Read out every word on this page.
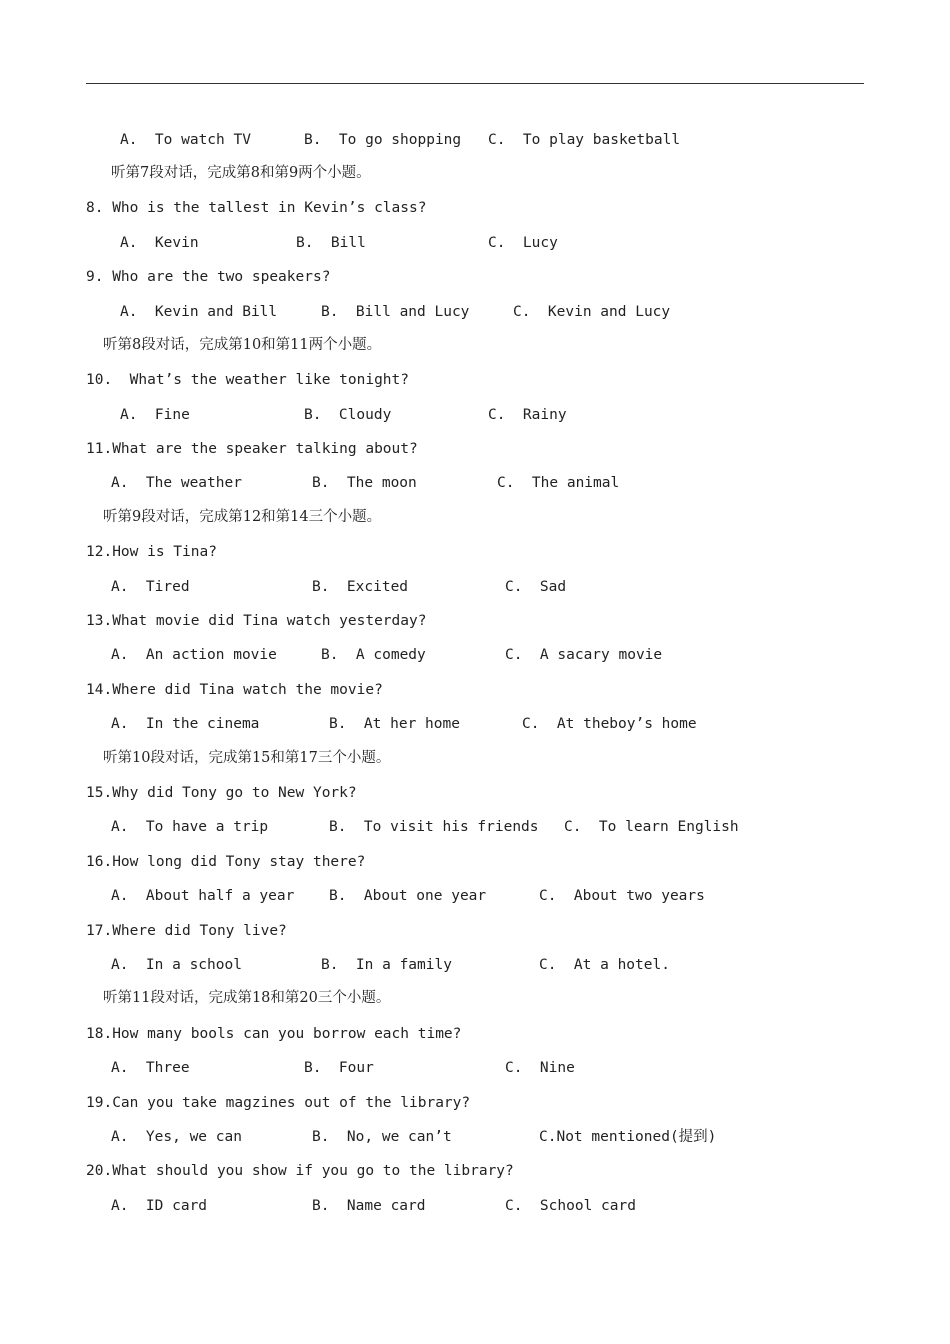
A.  To watch TV	B.  To go shopping C.  To play basketball
听第7段对话，完成第8和第9两个小题。
8. Who is the tallest in Kevin’s class?
A.  Kevin	B.  Bill	C.  Lucy
9. Who are the two speakers?
A.  Kevin and Bill	B.  Bill and Lucy	C.  Kevin and Lucy
听第8段对话，完成第10和第11两个小题。
10.  What’s the weather like tonight?
A.  Fine	B.  Cloudy	C.  Rainy
11.What are the speaker talking about?
A.  The weather	B.  The moon	C.  The animal
听第9段对话，完成第12和第14三个小题。
12.How is Tina?
A.  Tired	B.  Excited	C.  Sad
13.What movie did Tina watch yesterday?
A.  An action movie	B.  A comedy	C.  A sacary movie
14.Where did Tina watch the movie?
A.  In the cinema	B.  At her home	C.  At theboy’s home
听第10段对话，完成第15和第17三个小题。
15.Why did Tony go to New York?
A.  To have a trip	B.  To visit his friends C.  To learn English
16.How long did Tony stay there?
A.  About half a year B.  About one year	C.  About two years
17.Where did Tony live?
A.  In a school	B.  In a family	C.  At a hotel.
听第11段对话，完成第18和第20三个小题。
18.How many bools can you borrow each time?
A.  Three	B.  Four	C.  Nine
19.Can you take magzines out of the library?
A.  Yes, we can	B.  No, we can’t	C.Not mentioned(提到)
20.What should you show if you go to the library?
A.  ID card	B.  Name card	C.  School card
